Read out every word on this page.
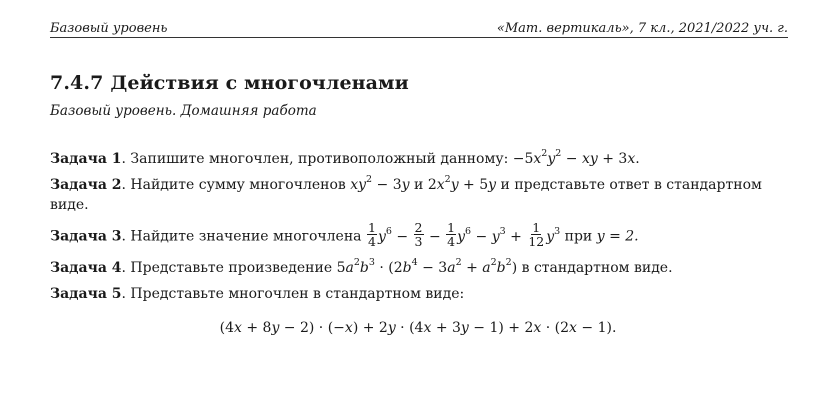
Базовый уровень	«Мат. вертикаль», 7 кл., 2021/2022 уч. г.
7.4.7 Действия с многочленами
Базовый уровень. Домашняя работа
Задача 1. Запишите многочлен, противоположный данному: $-5x^2y^2$ − xy + 3x.
Задача 2. Найдите сумму многочленов $xy^2 - 3y$ и $2x^2y + 5y$ и представьте ответ в стандартном виде.
Задача 3. Найдите значение многочлена $\frac{1}{4} y^6 - \frac{2}{3} - \frac{1}{4} y^6 - y^3 + \frac{1}{12} y^3$ при y = 2.
Задача 4. Представьте произведение $5a^2b^3 \cdot (2b^4 - 3a^2 + a^2b^2)$ в стандартном виде.
Задача 5. Представьте многочлен в стандартном виде:
(4x + 8y − 2) · (−x) + 2y · (4x + 3y − 1) + 2x · (2x − 1).
